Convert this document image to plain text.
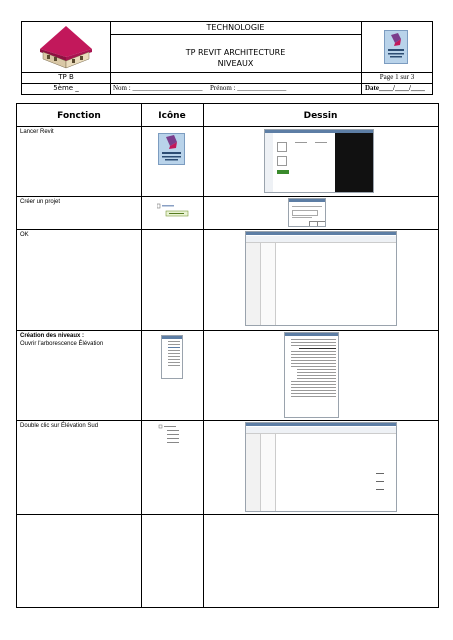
TECHNOLOGIE
TP REVIT ARCHITECTURE
NIVEAUX
TP B
5ème _	Nom : ____________________ Prénom : ______________
Page 1 sur 3
Date____/____/____
Fonction	Icône	Dessin
Lancer Revit
Créer un projet
OK
Création des niveaux :
Ouvrir l'arborescence Élévation
Double clic sur Élévation Sud
